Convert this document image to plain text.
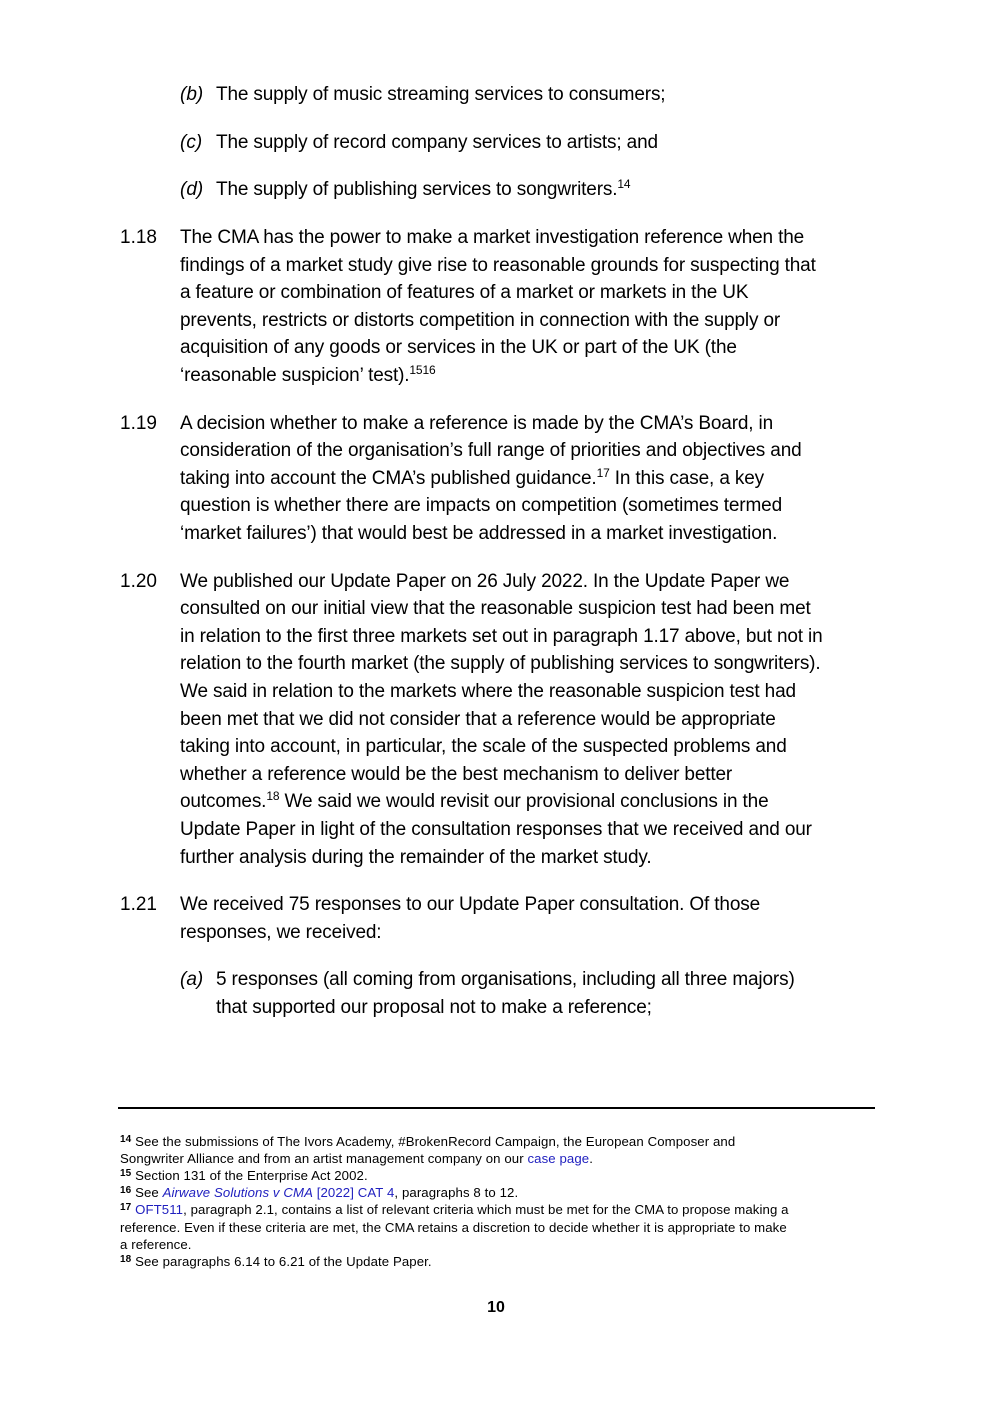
(b) The supply of music streaming services to consumers;
(c) The supply of record company services to artists; and
(d) The supply of publishing services to songwriters.$^{14}$
1.18 The CMA has the power to make a market investigation reference when the
findings of a market study give rise to reasonable grounds for suspecting that
a feature or combination of features of a market or markets in the UK
prevents, restricts or distorts competition in connection with the supply or
acquisition of any goods or services in the UK or part of the UK (the
‘reasonable suspicion’ test).$^{1516}$
1.19 A decision whether to make a reference is made by the CMA’s Board, in
consideration of the organisation’s full range of priorities and objectives and
taking into account the CMA’s published guidance.$^{17}$ In this case, a key
question is whether there are impacts on competition (sometimes termed
‘market failures’) that would best be addressed in a market investigation.
1.20 We published our Update Paper on 26 July 2022. In the Update Paper we
consulted on our initial view that the reasonable suspicion test had been met
in relation to the first three markets set out in paragraph 1.17 above, but not in
relation to the fourth market (the supply of publishing services to songwriters).
We said in relation to the markets where the reasonable suspicion test had
been met that we did not consider that a reference would be appropriate
taking into account, in particular, the scale of the suspected problems and
whether a reference would be the best mechanism to deliver better
outcomes.$^{18}$ We said we would revisit our provisional conclusions in the
Update Paper in light of the consultation responses that we received and our
further analysis during the remainder of the market study.
1.21 We received 75 responses to our Update Paper consultation. Of those
responses, we received:
(a) 5 responses (all coming from organisations, including all three majors)
that supported our proposal not to make a reference;
$^{14}$ See the submissions of The Ivors Academy, #BrokenRecord Campaign, the European Composer and
Songwriter Alliance and from an artist management company on our case page.
$^{15}$ Section 131 of the Enterprise Act 2002.
$^{16}$ See Airwave Solutions v CMA [2022] CAT 4, paragraphs 8 to 12.
$^{17}$ OFT511, paragraph 2.1, contains a list of relevant criteria which must be met for the CMA to propose making a
reference. Even if these criteria are met, the CMA retains a discretion to decide whether it is appropriate to make
a reference.
$^{18}$ See paragraphs 6.14 to 6.21 of the Update Paper.
10
